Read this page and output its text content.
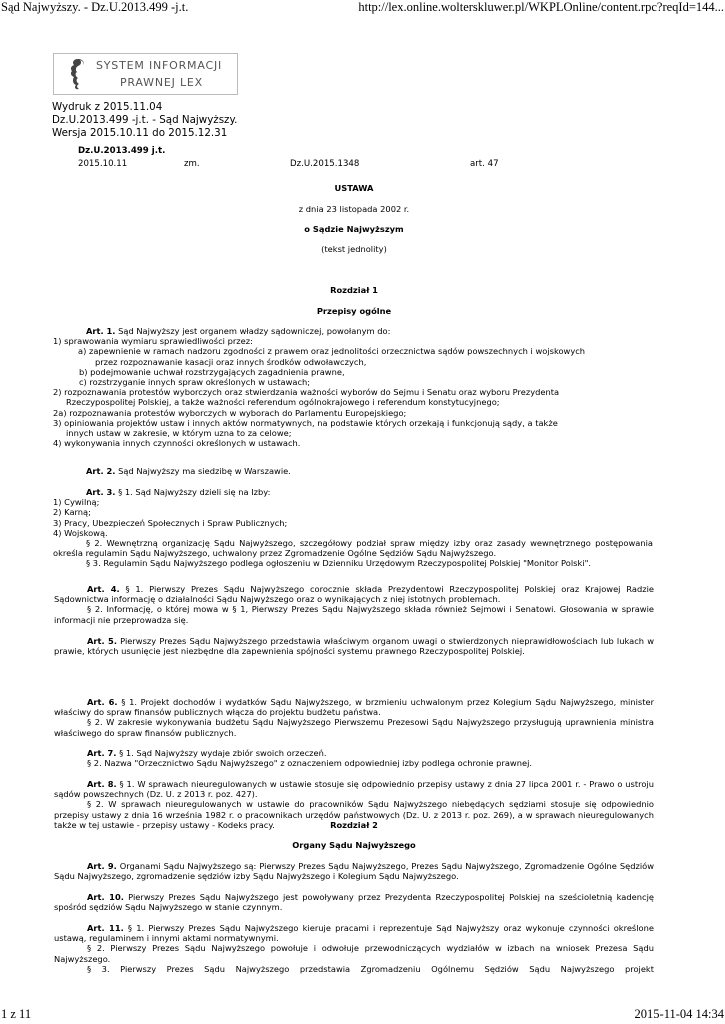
Sąd Najwyższy. - Dz.U.2013.499 -j.t.	http://lex.online.wolterskluwer.pl/WKPLOnline/content.rpc?reqId=144...
SYSTEM INFORMACJI
PRAWNEJ LEX
Wydruk z 2015.11.04
Dz.U.2013.499 -j.t. - Sąd Najwyższy.
Wersja 2015.10.11 do 2015.12.31
Dz.U.2013.499 j.t.
2015.10.11	zm.	Dz.U.2015.1348	art. 47
USTAWA
z dnia 23 listopada 2002 r.
o Sądzie Najwyższym
(tekst jednolity)
Rozdział 1
Przepisy ogólne
Art. 1. Sąd Najwyższy jest organem władzy sądowniczej, powołanym do:
1) sprawowania wymiaru sprawiedliwości przez:
a) zapewnienie w ramach nadzoru zgodności z prawem oraz jednolitości orzecznictwa sądów powszechnych i wojskowych
przez rozpoznawanie kasacji oraz innych środków odwoławczych,
b) podejmowanie uchwał rozstrzygających zagadnienia prawne,
c) rozstrzyganie innych spraw określonych w ustawach;
2) rozpoznawania protestów wyborczych oraz stwierdzania ważności wyborów do Sejmu i Senatu oraz wyboru Prezydenta
Rzeczypospolitej Polskiej, a także ważności referendum ogólnokrajowego i referendum konstytucyjnego;
2a) rozpoznawania protestów wyborczych w wyborach do Parlamentu Europejskiego;
3) opiniowania projektów ustaw i innych aktów normatywnych, na podstawie których orzekają i funkcjonują sądy, a także
innych ustaw w zakresie, w którym uzna to za celowe;
4) wykonywania innych czynności określonych w ustawach.
Art. 2. Sąd Najwyższy ma siedzibę w Warszawie.
Art. 3. § 1. Sąd Najwyższy dzieli się na Izby:
1) Cywilną;
2) Karną;
3) Pracy, Ubezpieczeń Społecznych i Spraw Publicznych;
4) Wojskową.
§ 2. Wewnętrzną organizację Sądu Najwyższego, szczegółowy podział spraw między izby oraz zasady wewnętrznego postępowania określa regulamin Sądu Najwyższego, uchwalony przez Zgromadzenie Ogólne Sędziów Sądu Najwyższego.
§ 3. Regulamin Sądu Najwyższego podlega ogłoszeniu w Dzienniku Urzędowym Rzeczypospolitej Polskiej "Monitor Polski".
Art. 4. § 1. Pierwszy Prezes Sądu Najwyższego corocznie składa Prezydentowi Rzeczypospolitej Polskiej oraz Krajowej Radzie Sądownictwa informację o działalności Sądu Najwyższego oraz o wynikających z niej istotnych problemach.
§ 2. Informację, o której mowa w § 1, Pierwszy Prezes Sądu Najwyższego składa również Sejmowi i Senatowi. Głosowania w sprawie informacji nie przeprowadza się.
Art. 5. Pierwszy Prezes Sądu Najwyższego przedstawia właściwym organom uwagi o stwierdzonych nieprawidłowościach lub lukach w prawie, których usunięcie jest niezbędne dla zapewnienia spójności systemu prawnego Rzeczypospolitej Polskiej.
Art. 6. § 1. Projekt dochodów i wydatków Sądu Najwyższego, w brzmieniu uchwalonym przez Kolegium Sądu Najwyższego, minister właściwy do spraw finansów publicznych włącza do projektu budżetu państwa.
§ 2. W zakresie wykonywania budżetu Sądu Najwyższego Pierwszemu Prezesowi Sądu Najwyższego przysługują uprawnienia ministra właściwego do spraw finansów publicznych.
Art. 7. § 1. Sąd Najwyższy wydaje zbiór swoich orzeczeń.
§ 2. Nazwa "Orzecznictwo Sądu Najwyższego" z oznaczeniem odpowiedniej izby podlega ochronie prawnej.
Art. 8. § 1. W sprawach nieuregulowanych w ustawie stosuje się odpowiednio przepisy ustawy z dnia 27 lipca 2001 r. - Prawo o ustroju sądów powszechnych (Dz. U. z 2013 r. poz. 427).
§ 2. W sprawach nieuregulowanych w ustawie do pracowników Sądu Najwyższego niebędących sędziami stosuje się odpowiednio przepisy ustawy z dnia 16 września 1982 r. o pracownikach urzędów państwowych (Dz. U. z 2013 r. poz. 269), a w sprawach nieuregulowanych także w tej ustawie - przepisy ustawy - Kodeks pracy.	Rozdział 2
Organy Sądu Najwyższego
Art. 9. Organami Sądu Najwyższego są: Pierwszy Prezes Sądu Najwyższego, Prezes Sądu Najwyższego, Zgromadzenie Ogólne Sędziów Sądu Najwyższego, zgromadzenie sędziów izby Sądu Najwyższego i Kolegium Sądu Najwyższego.
Art. 10. Pierwszy Prezes Sądu Najwyższego jest powoływany przez Prezydenta Rzeczypospolitej Polskiej na sześcioletnią kadencję spośród sędziów Sądu Najwyższego w stanie czynnym.
Art. 11. § 1. Pierwszy Prezes Sądu Najwyższego kieruje pracami i reprezentuje Sąd Najwyższy oraz wykonuje czynności określone ustawą, regulaminem i innymi aktami normatywnymi.
§ 2. Pierwszy Prezes Sądu Najwyższego powołuje i odwołuje przewodniczących wydziałów w izbach na wniosek Prezesa Sądu Najwyższego.
§ 3. Pierwszy Prezes Sądu Najwyższego przedstawia Zgromadzeniu Ogólnemu Sędziów Sądu Najwyższego projekt
1 z 11	2015-11-04 14:34
